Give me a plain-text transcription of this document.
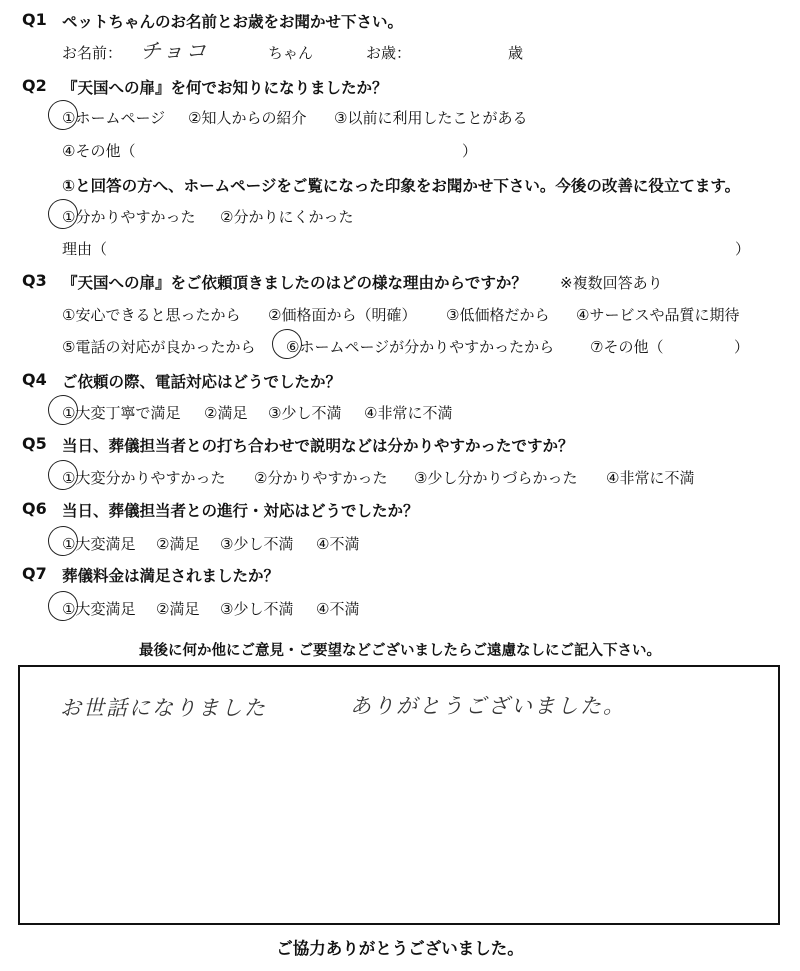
Q1 ペットちゃんのお名前とお歳をお聞かせ下さい。
お名前： チョコ	ちゃん	お歳：	歳
Q2 『天国への扉』を何でお知りになりましたか？
①ホームページ ②知人からの紹介 ③以前に利用したことがある
④その他（	）
①と回答の方へ、ホームページをご覧になった印象をお聞かせ下さい。今後の改善に役立てます。
①分かりやすかった ②分かりにくかった
理由（	）
Q3 『天国への扉』をご依頼頂きましたのはどの様な理由からですか？ ※複数回答あり
①安心できると思ったから ②価格面から（明確） ③低価格だから ④サービスや品質に期待
⑤電話の対応が良かったから ⑥ホームページが分かりやすかったから ⑦その他（	）
Q4 ご依頼の際、電話対応はどうでしたか？
①大変丁寧で満足 ②満足 ③少し不満 ④非常に不満
Q5 当日、葬儀担当者との打ち合わせで説明などは分かりやすかったですか？
①大変分かりやすかった ②分かりやすかった ③少し分かりづらかった ④非常に不満
Q6 当日、葬儀担当者との進行・対応はどうでしたか？
①大変満足 ②満足 ③少し不満 ④不満
Q7 葬儀料金は満足されましたか？
①大変満足 ②満足 ③少し不満 ④不満
最後に何か他にご意見・ご要望などございましたらご遠慮なしにご記入下さい。
お世話になりました	ありがとうございました。
ご協力ありがとうございました。
